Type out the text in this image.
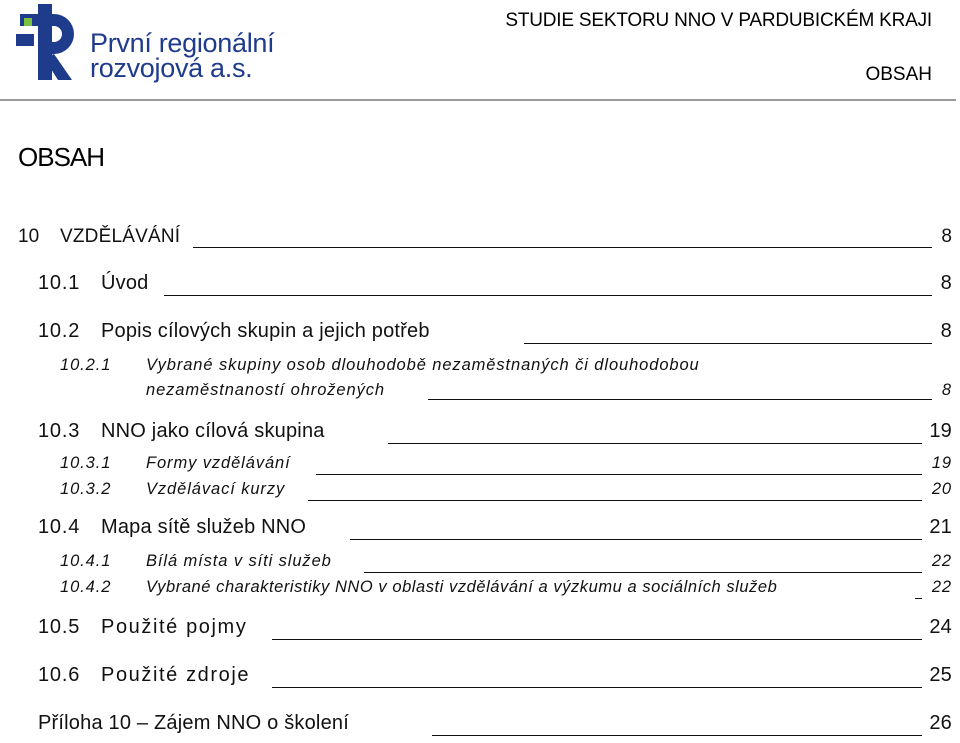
První regionální
rozvojová a.s.
STUDIE SEKTORU NNO V PARDUBICKÉM KRAJI
OBSAH
OBSAH
10 VZDĚLÁVÁNÍ	8
10.1 Úvod	8
10.2 Popis cílových skupin a jejich potřeb	8
10.2.1 Vybrané skupiny osob dlouhodobě nezaměstnaných či dlouhodobou
nezaměstnaností ohrožených	8
10.3 NNO jako cílová skupina	19
10.3.1 Formy vzdělávání	19
10.3.2 Vzdělávací kurzy	20
10.4 Mapa sítě služeb NNO	21
10.4.1 Bílá místa v síti služeb	22
10.4.2 Vybrané charakteristiky NNO v oblasti vzdělávání a výzkumu a sociálních služeb	22
10.5 Použité pojmy	24
10.6 Použité zdroje	25
Příloha 10 – Zájem NNO o školení	26
